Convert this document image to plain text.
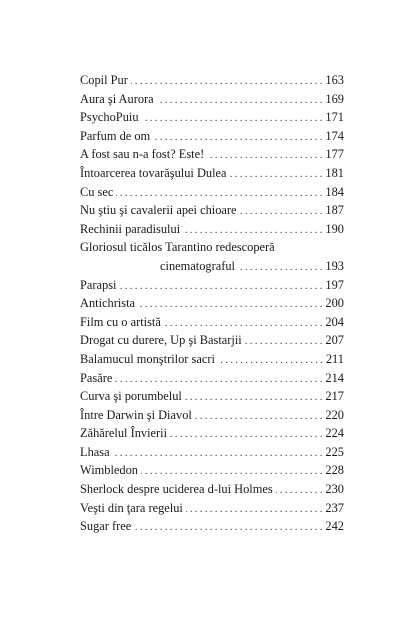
Copil Pur . . .	163
Aura şi Aurora . . .	169
PsychoPuiu . . .	171
Parfum de om . . .	174
A fost sau n-a fost? Este! . . .	177
Întoarcerea tovarăşului Dulea . . .	181
Cu sec . . .	184
Nu ştiu şi cavalerii apei chioare . . .	187
Rechinii paradisului . . .	190
Gloriosul ticălos Tarantino redescoperă
cinematograful . . .	193
Parapsi . . .	197
Antichrista . . .	200
Film cu o artistă . . .	204
Drogat cu durere, Up şi Bastarjii . . .	207
Balamucul monştrilor sacri . . .	211
Pasăre . . .	214
Curva şi porumbelul . . .	217
Între Darwin şi Diavol . . .	220
Zăhărelul Învierii . . .	224
Lhasa . . .	225
Wimbledon . . .	228
Sherlock despre uciderea d-lui Holmes . . .	230
Veşti din ţara regelui . . .	237
Sugar free . . .	242
